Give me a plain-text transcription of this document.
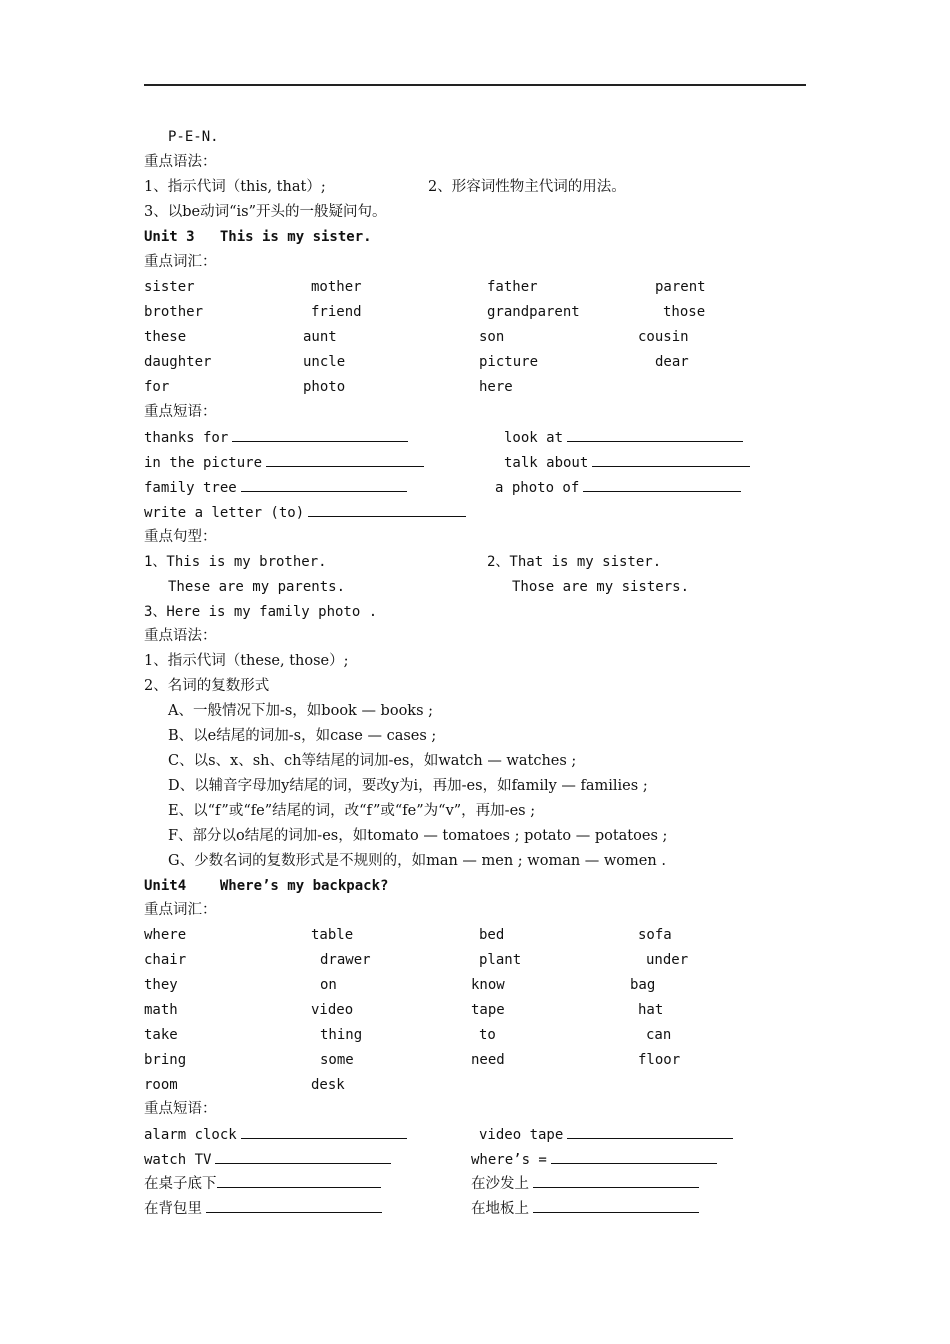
P-E-N.
重点语法：
1、指示代词（this, that）;	2、形容词性物主代词的用法。
3、以be动词“is”开头的一般疑问句。
Unit 3   This is my sister.
重点词汇：
sister	mother	father	parent
brother	friend	grandparent	those
these	aunt	son	cousin
daughter	uncle	picture	dear
for	photo	here
重点短语：
thanks for	look at
in the picture	talk about
family tree	a photo of
write a letter (to)
重点句型：
1、This is my brother.	2、That is my sister.
These are my parents.	Those are my sisters.
3、Here is my family photo .
重点语法：
1、指示代词（these, those）;
2、名词的复数形式
A、一般情况下加-s，如book — books ;
B、以e结尾的词加-s，如case — cases ;
C、以s、x、sh、ch等结尾的词加-es，如watch — watches ;
D、以辅音字母加y结尾的词，要改y为i，再加-es，如family — families ;
E、以“f”或“fe”结尾的词，改“f”或“fe”为“v”，再加-es ;
F、部分以o结尾的词加-es，如tomato — tomatoes ; potato — potatoes ;
G、少数名词的复数形式是不规则的，如man — men ; woman — women .
Unit4    Where’s my backpack?
重点词汇：
where	table	bed	sofa
chair	drawer	plant	under
they	on	know	bag
math	video	tape	hat
take	thing	to	can
bring	some	need	floor
room	desk
重点短语：
alarm clock	video tape
watch TV	where’s =
在桌子底下	在沙发上
在背包里	在地板上
